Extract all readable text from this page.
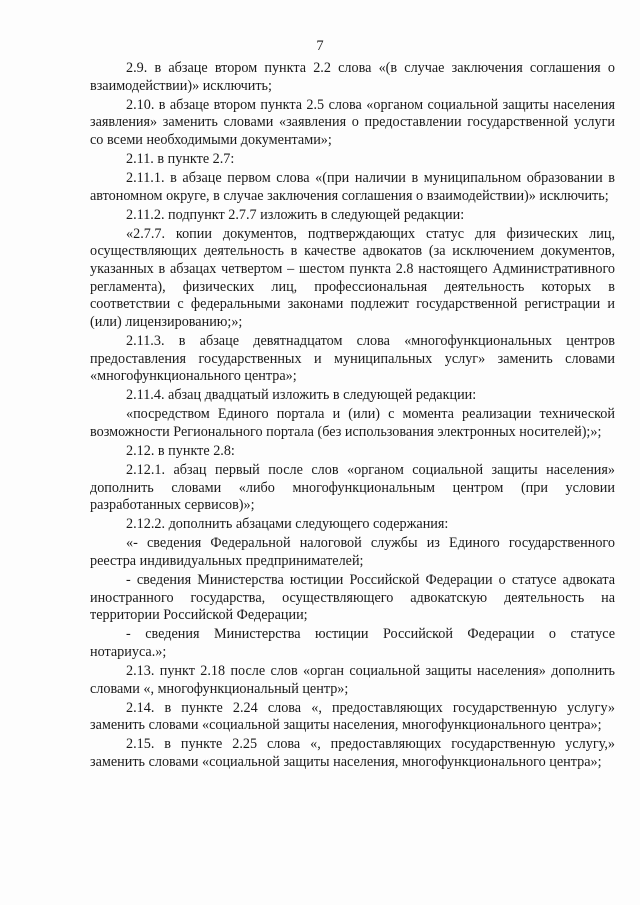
7

2.9. в абзаце втором пункта 2.2 слова «(в случае заключения соглашения о взаимодействии)» исключить;

2.10. в абзаце втором пункта 2.5 слова «органом социальной защиты населения заявления» заменить словами «заявления о предоставлении государственной услуги со всеми необходимыми документами»;

2.11. в пункте 2.7:

2.11.1. в абзаце первом слова «(при наличии в муниципальном образовании в автономном округе, в случае заключения соглашения о взаимодействии)» исключить;

2.11.2. подпункт 2.7.7 изложить в следующей редакции:

«2.7.7. копии документов, подтверждающих статус для физических лиц, осуществляющих деятельность в качестве адвокатов (за исключением документов, указанных в абзацах четвертом – шестом пункта 2.8 настоящего Административного регламента), физических лиц, профессиональная деятельность которых в соответствии с федеральными законами подлежит государственной регистрации и (или) лицензированию;»;

2.11.3. в абзаце девятнадцатом слова «многофункциональных центров предоставления государственных и муниципальных услуг» заменить словами «многофункционального центра»;

2.11.4. абзац двадцатый изложить в следующей редакции:

«посредством Единого портала и (или) с момента реализации технической возможности Регионального портала (без использования электронных носителей);»;

2.12. в пункте 2.8:

2.12.1. абзац первый после слов «органом социальной защиты населения» дополнить словами «либо многофункциональным центром (при условии разработанных сервисов)»;

2.12.2. дополнить абзацами следующего содержания:

«- сведения Федеральной налоговой службы из Единого государственного реестра индивидуальных предпринимателей;

- сведения Министерства юстиции Российской Федерации о статусе адвоката иностранного государства, осуществляющего адвокатскую деятельность на территории Российской Федерации;

- сведения Министерства юстиции Российской Федерации о статусе нотариуса.»;

2.13. пункт 2.18 после слов «орган социальной защиты населения» дополнить словами «, многофункциональный центр»;

2.14. в пункте 2.24 слова «, предоставляющих государственную услугу» заменить словами «социальной защиты населения, многофункционального центра»;

2.15. в пункте 2.25 слова «, предоставляющих государственную услугу,» заменить словами «социальной защиты населения, многофункционального центра»;
